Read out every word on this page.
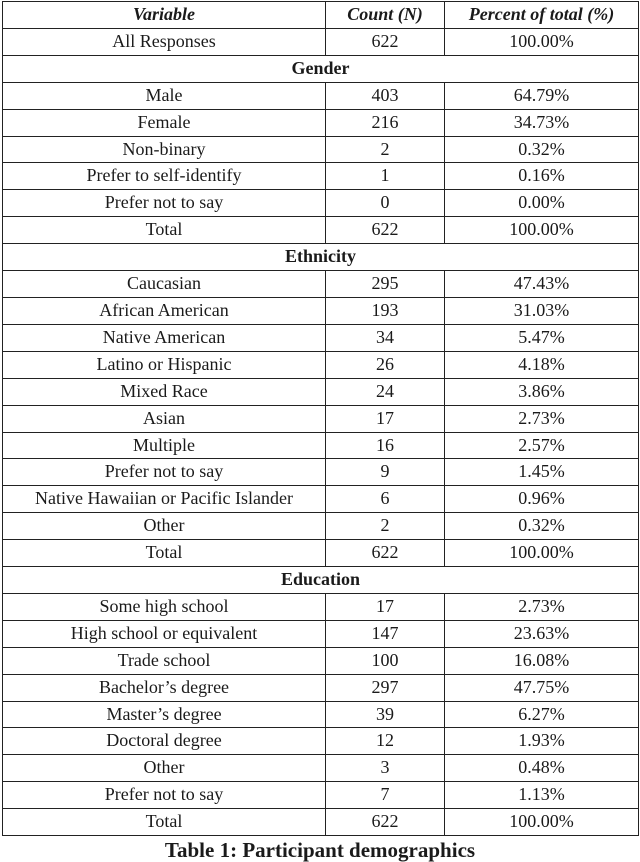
Variable	Count (N)	Percent of total (%)
All Responses	622	100.00%
Gender		
Male	403	64.79%
Female	216	34.73%
Non-binary	2	0.32%
Prefer to self-identify	1	0.16%
Prefer not to say	0	0.00%
Total	622	100.00%
Ethnicity		
Caucasian	295	47.43%
African American	193	31.03%
Native American	34	5.47%
Latino or Hispanic	26	4.18%
Mixed Race	24	3.86%
Asian	17	2.73%
Multiple	16	2.57%
Prefer not to say	9	1.45%
Native Hawaiian or Pacific Islander	6	0.96%
Other	2	0.32%
Total	622	100.00%
Education		
Some high school	17	2.73%
High school or equivalent	147	23.63%
Trade school	100	16.08%
Bachelor’s degree	297	47.75%
Master’s degree	39	6.27%
Doctoral degree	12	1.93%
Other	3	0.48%
Prefer not to say	7	1.13%
Total	622	100.00%
Table 1: Participant demographics
